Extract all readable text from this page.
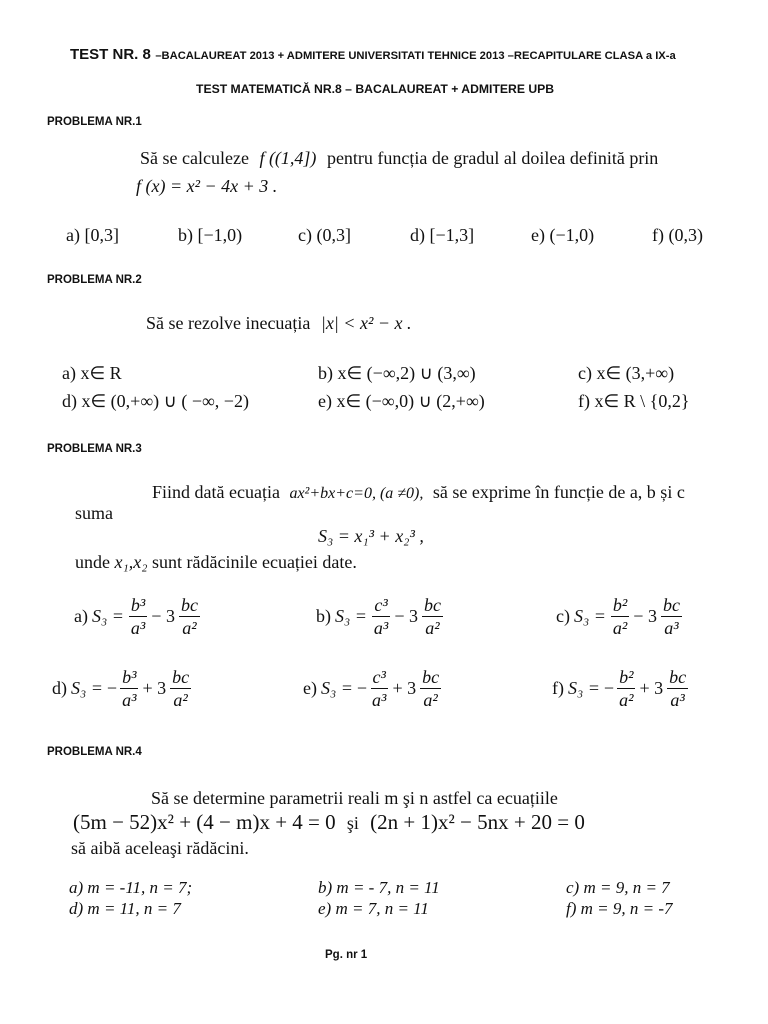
TEST NR. 8 –BACALAUREAT 2013 + ADMITERE UNIVERSITATI TEHNICE 2013 –RECAPITULARE CLASA a IX-a
TEST MATEMATICĂ NR.8 – BACALAUREAT + ADMITERE UPB
PROBLEMA NR.1
Să se calculeze f ((1,4]) pentru funcția de gradul al doilea definită prin
f (x) = x² − 4x + 3 .
a) [0,3]	b) [−1,0)	c) (0,3]	d) [−1,3]	e) (−1,0)	f) (0,3)
PROBLEMA NR.2
Să se rezolve inecuația |x| < x² − x .
a) x∈ R	b) x∈ (−∞,2) ∪ (3,∞)	c) x∈ (3,+∞)
d) x∈ (0,+∞) ∪ ( −∞, −2)	e) x∈ (−∞,0) ∪ (2,+∞)	f) x∈ R \ {0,2}
PROBLEMA NR.3
Fiind dată ecuația ax²+bx+c=0, (a ≠0), să se exprime în funcție de a, b și c
suma
S₃ = x₁³ + x₂³ ,
unde x₁,x₂ sunt rădăcinile ecuației date.
a) $S_3 = \frac{\text{b³}}{\text{a³}} - 3 \frac{bc}{\text{a²}}$	b) $S_3 = \frac{\text{c³}}{\text{a³}} - 3 \frac{bc}{\text{a²}}$	c) $S_3 = \frac{\text{b²}}{\text{a²}} - 3 \frac{bc}{\text{a³}}$
d) S₃ = − $\frac{\text{b³}}{\text{a³}} + 3 \frac{bc}{\text{a²}}$	e) S₃ = − $\frac{\text{c³}}{\text{a³}} + 3 \frac{bc}{\text{a²}}$	f) S₃ = − $\frac{\text{b²}}{\text{a²}} + 3 \frac{bc}{\text{a³}}$
PROBLEMA NR.4
Să se determine parametrii reali m şi n astfel ca ecuațiile
(5m − 52)x² + (4 − m)x + 4 = 0 şi (2n + 1)x² − 5nx + 20 = 0
să aibă aceleaşi rădăcini.
a) m = -11, n = 7;	b) m = - 7, n = 11	c) m = 9, n = 7
d) m = 11, n = 7	e) m = 7, n = 11	f) m = 9, n = -7
Pg. nr 1
